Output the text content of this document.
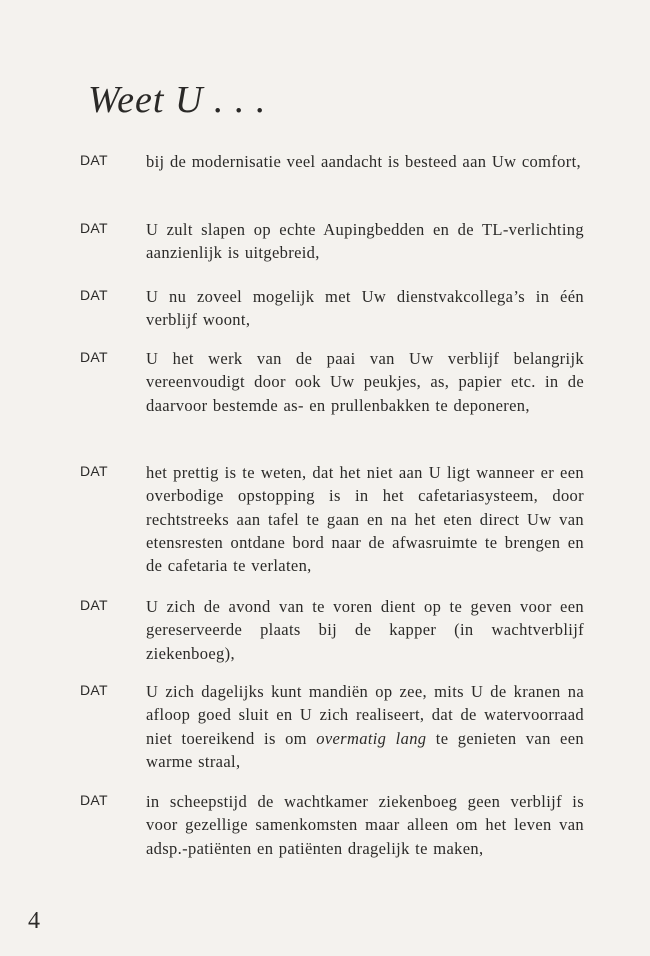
Weet U . . .
DAT bij de modernisatie veel aandacht is besteed aan Uw comfort,
DAT U zult slapen op echte Aupingbedden en de TL-verlichting aanzienlijk is uitgebreid,
DAT U nu zoveel mogelijk met Uw dienstvakcollega’s in één verblijf woont,
DAT U het werk van de paai van Uw verblijf belangrijk vereenvoudigt door ook Uw peukjes, as, papier etc. in de daarvoor bestemde as- en prullenbakken te deponeren,
DAT het prettig is te weten, dat het niet aan U ligt wanneer er een overbodige opstopping is in het cafetariasysteem, door rechtstreeks aan tafel te gaan en na het eten direct Uw van etensresten ontdane bord naar de afwasruimte te brengen en de cafetaria te verlaten,
DAT U zich de avond van te voren dient op te geven voor een gereserveerde plaats bij de kapper (in wachtverblijf ziekenboeg),
DAT U zich dagelijks kunt mandiën op zee, mits U de kranen na afloop goed sluit en U zich realiseert, dat de watervoorraad niet toereikend is om overmatig lang te genieten van een warme straal,
DAT in scheepstijd de wachtkamer ziekenboeg geen verblijf is voor gezellige samenkomsten maar alleen om het leven van adsp.-patiënten en patiënten dragelijk te maken,
4
